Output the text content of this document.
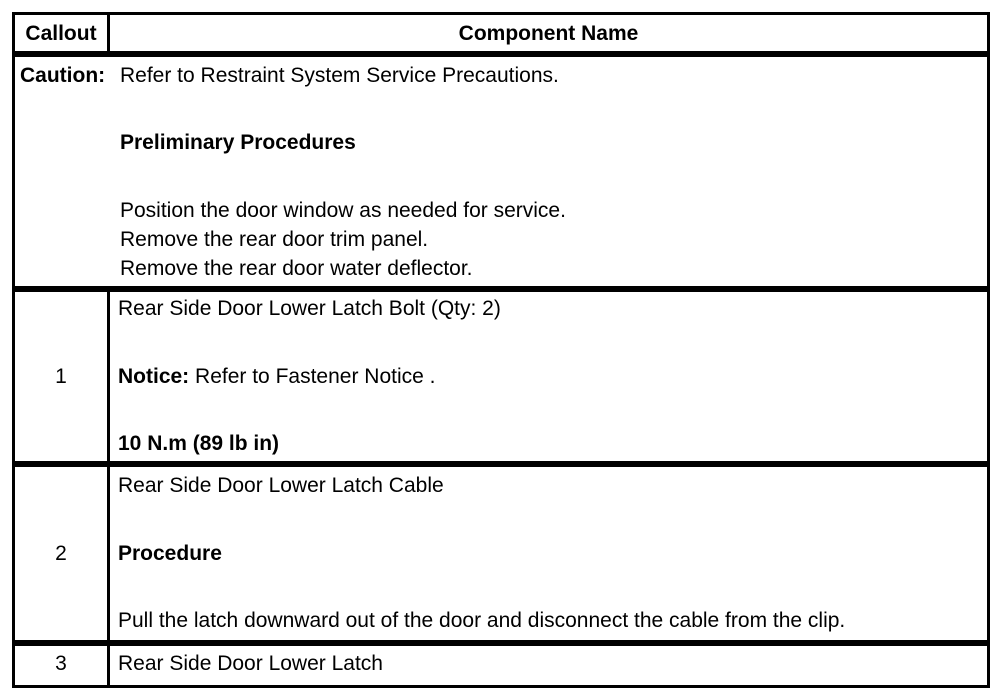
Callout	Component Name
Caution: Refer to Restraint System Service Precautions.
Preliminary Procedures
Position the door window as needed for service.
Remove the rear door trim panel.
Remove the rear door water deflector.
1
Rear Side Door Lower Latch Bolt (Qty: 2)
Notice: Refer to Fastener Notice .
10 N.m (89 lb in)
2
Rear Side Door Lower Latch Cable
Procedure
Pull the latch downward out of the door and disconnect the cable from the clip.
3	Rear Side Door Lower Latch
